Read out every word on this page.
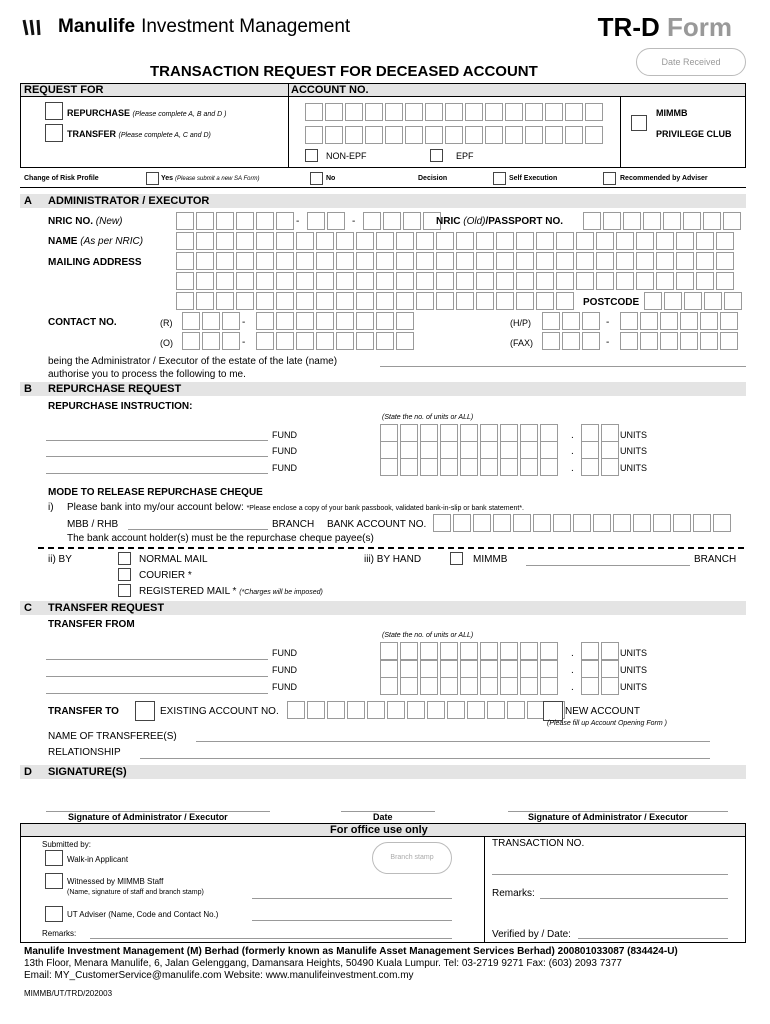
Manulife Investment Management	TR-D Form
Date Received
TRANSACTION REQUEST FOR DECEASED ACCOUNT
REQUEST FOR	ACCOUNT NO.
REPURCHASE (Please complete A, B and D )
TRANSFER (Please complete A, C and D)
NON-EPF	EPF
MIMMB
PRIVILEGE CLUB
Change of Risk Profile	Yes (Please submit a new SA Form)	No	Decision	Self Execution	Recommended by Adviser
A ADMINISTRATOR / EXECUTOR
NRIC NO. (New)	-	-	NRIC (Old)/PASSPORT NO.
NAME (As per NRIC)
MAILING ADDRESS
POSTCODE
CONTACT NO.	(R)	-	(H/P)	-
(O)	-	(FAX)	-
being the Administrator / Executor of the estate of the late (name)
authorise you to process the following to me.
B REPURCHASE REQUEST
REPURCHASE INSTRUCTION:
(State the no. of units or ALL)
FUND	.	UNITS
FUND	.	UNITS
FUND	.	UNITS
MODE TO RELEASE REPURCHASE CHEQUE
i) Please bank into my/our account below: *Please enclose a copy of your bank passbook, validated bank-in-slip or bank statement*.
MBB / RHB	BRANCH BANK ACCOUNT NO.
The bank account holder(s) must be the repurchase cheque payee(s)
ii) BY	NORMAL MAIL
COURIER *
REGISTERED MAIL * (*Charges will be imposed)
iii) BY HAND	MIMMB	BRANCH
C TRANSFER REQUEST
TRANSFER FROM
(State the no. of units or ALL)
FUND	.	UNITS
FUND	.	UNITS
FUND	.	UNITS
TRANSFER TO	EXISTING ACCOUNT NO.	NEW ACCOUNT
(Please fill up Account Opening Form )
NAME OF TRANSFEREE(S)
RELATIONSHIP
D SIGNATURE(S)
Signature of Administrator / Executor	Date	Signature of Administrator / Executor
For office use only
Submitted by:
Walk-in Applicant	Branch stamp
Witnessed by MIMMB Staff
(Name, signature of staff and branch stamp)
UT Adviser (Name, Code and Contact No.)
Remarks:
TRANSACTION NO.
Remarks:
Verified by / Date:
Manulife Investment Management (M) Berhad (formerly known as Manulife Asset Management Services Berhad) 200801033087 (834424-U)
13th Floor, Menara Manulife, 6, Jalan Gelenggang, Damansara Heights, 50490 Kuala Lumpur. Tel: 03-2719 9271 Fax: (603) 2093 7377
Email: MY_CustomerService@manulife.com Website: www.manulifeinvestment.com.my
MIMMB/UT/TRD/202003
